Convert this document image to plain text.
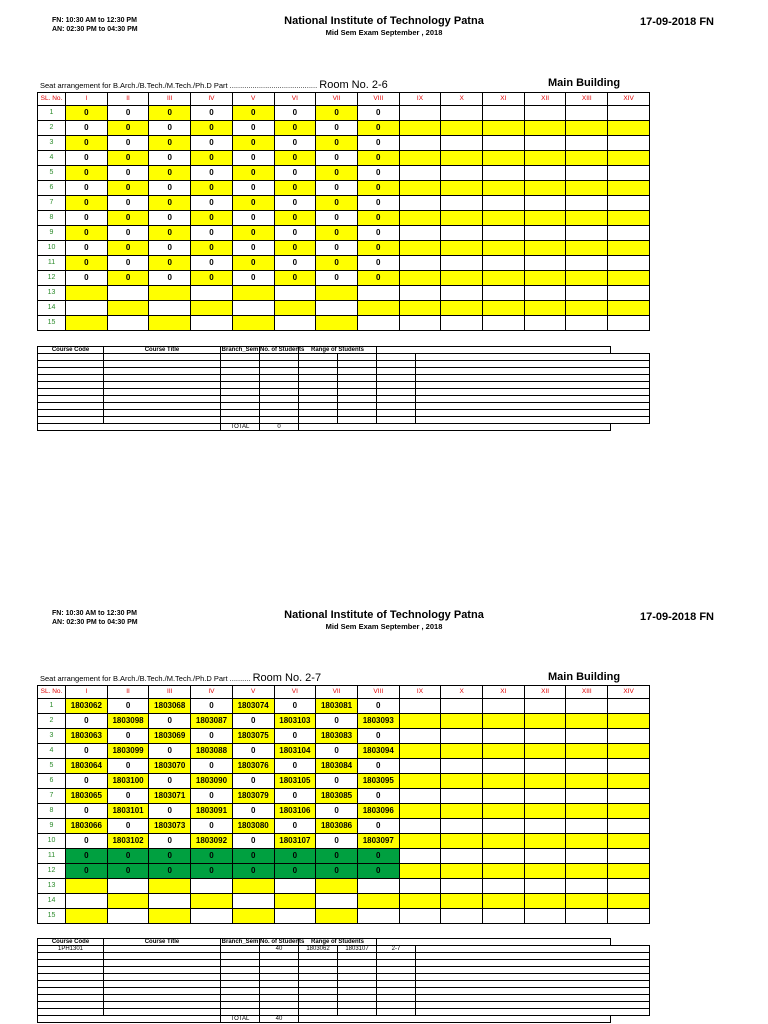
FN: 10:30 AM to 12:30 PM
AN: 02:30 PM to 04:30 PM
National Institute of Technology Patna
Mid Sem Exam September , 2018
17-09-2018 FN
Seat arrangement for B.Arch./B.Tech./M.Tech./Ph.D Part .......................................... Room No. 2-6	Main Building
SL. No.	I	II	III	IV	V	VI	VII	VIII	IX	X	XI	XII	XIII	XIV
1	0	0	0	0	0	0	0	0						
2	0	0	0	0	0	0	0	0						
3	0	0	0	0	0	0	0	0						
4	0	0	0	0	0	0	0	0						
5	0	0	0	0	0	0	0	0						
6	0	0	0	0	0	0	0	0						
7	0	0	0	0	0	0	0	0						
8	0	0	0	0	0	0	0	0						
9	0	0	0	0	0	0	0	0						
10	0	0	0	0	0	0	0	0						
11	0	0	0	0	0	0	0	0						
12	0	0	0	0	0	0	0	0						
13														
14														
15														
Course Code	Course Title	Branch_Sem	No. of Students	Range of Students			

		TOTAL	0				
FN: 10:30 AM to 12:30 PM
AN: 02:30 PM to 04:30 PM
National Institute of Technology Patna
Mid Sem Exam September , 2018
17-09-2018 FN
Seat arrangement for B.Arch./B.Tech./M.Tech./Ph.D Part .......... Room No. 2-7	Main Building
SL. No.	I	II	III	IV	V	VI	VII	VIII	IX	X	XI	XII	XIII	XIV
1	1803062	0	1803068	0	1803074	0	1803081	0						
2	0	1803098	0	1803087	0	1803103	0	1803093						
3	1803063	0	1803069	0	1803075	0	1803083	0						
4	0	1803099	0	1803088	0	1803104	0	1803094						
5	1803064	0	1803070	0	1803076	0	1803084	0						
6	0	1803100	0	1803090	0	1803105	0	1803095						
7	1803065	0	1803071	0	1803079	0	1803085	0						
8	0	1803101	0	1803091	0	1803106	0	1803096						
9	1803066	0	1803073	0	1803080	0	1803086	0						
10	0	1803102	0	1803092	0	1803107	0	1803097						
11	0	0	0	0	0	0	0	0						
12	0	0	0	0	0	0	0	0						
13														
14														
15														
Course Code	Course Title	Branch_Sem	No. of Students	Range of Students			
1PH1301			40	1803062	1803107	2-7	

		TOTAL	40				
